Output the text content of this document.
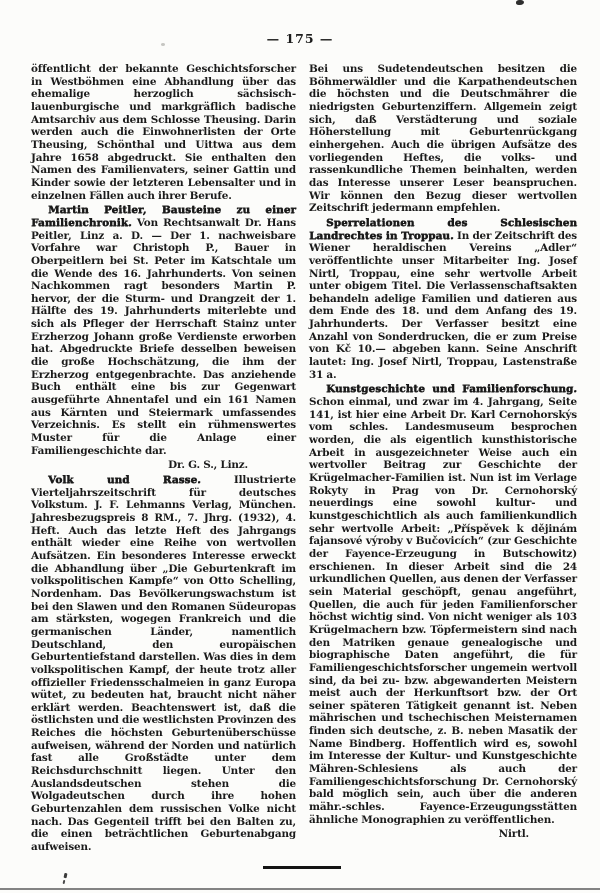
— 175 —

öffentlicht der bekannte Geschichtsforscher in Westböhmen eine Abhandlung über das ehemalige herzoglich sächsisch-lauenburgische und markgräflich badische Amtsarchiv aus dem Schlosse Theusing. Darin werden auch die Einwohnerlisten der Orte Theusing, Schönthal und Uittwa aus dem Jahre 1658 abgedruckt. Sie enthalten den Namen des Familienvaters, seiner Gattin und Kinder sowie der letzteren Lebensalter und in einzelnen Fällen auch ihrer Berufe.

Martin Peitler, Bausteine zu einer Familienchronik. Von Rechtsanwalt Dr. Hans Peitler, Linz a. D. — Der 1. nachweisbare Vorfahre war Christoph P., Bauer in Oberpeitlern bei St. Peter im Katschtale um die Wende des 16. Jahrhunderts. Von seinen Nachkommen ragt besonders Martin P. hervor, der die Sturm- und Drangzeit der 1. Hälfte des 19. Jahrhunderts miterlebte und sich als Pfleger der Herrschaft Stainz unter Erzherzog Johann große Verdienste erworben hat. Abgedruckte Briefe desselben beweisen die große Hochschätzung, die ihm der Erzherzog entgegenbrachte. Das anziehende Buch enthält eine bis zur Gegenwart ausgeführte Ahnentafel und ein 161 Namen aus Kärnten und Steiermark umfassendes Verzeichnis. Es stellt ein rühmenswertes Muster für die Anlage einer Familiengeschichte dar.

Dr. G. S., Linz.

Volk und Rasse.	Illustrierte Vierteljahrszeitschrift für deutsches Volkstum. J. F. Lehmanns Verlag, München. Jahresbezugspreis 8 RM., 7. Jhrg. (1932), 4. Heft. Auch das letzte Heft des Jahrgangs enthält wieder eine Reihe von wertvollen Aufsätzen. Ein besonderes Interesse erweckt die Abhandlung über „Die Geburtenkraft im volkspolitischen Kampfe“ von Otto Schelling, Nordenham. Das Bevölkerungswachstum ist bei den Slawen und den Romanen Südeuropas am stärksten, wogegen Frankreich und die germanischen Länder, namentlich Deutschland, den europäischen Geburtentiefstand darstellen. Was dies in dem volkspolitischen Kampf, der heute trotz aller offizieller Friedensschalmeien in ganz Europa wütet, zu bedeuten hat, braucht nicht näher erklärt werden. Beachtenswert ist, daß die östlichsten und die westlichsten Provinzen des Reiches die höchsten Geburtenüberschüsse aufweisen, während der Norden und natürlich fast alle Großstädte unter dem Reichsdurchschnitt liegen. Unter den Auslandsdeutschen stehen die Wolgadeutschen durch ihre hohen Geburtenzahlen dem russischen Volke nicht nach. Das Gegenteil trifft bei den Balten zu, die einen beträchtlichen Geburtenabgang aufweisen.

Bei uns Sudetendeutschen besitzen die Böhmerwäldler und die Karpathendeutschen die höchsten und die Deutschmährer die niedrigsten Geburtenziffern. Allgemein zeigt sich, daß Verstädterung und soziale Höherstellung mit Geburtenrückgang einhergehen. Auch die übrigen Aufsätze des vorliegenden Heftes, die volks- und rassenkundliche Themen beinhalten, werden das Interesse unserer Leser beanspruchen. Wir können den Bezug dieser wertvollen Zeitschrift jedermann empfehlen.

Sperrelationen des Schlesischen Landrechtes in Troppau. In der Zeitschrift des Wiener heraldischen Vereins „Adler“ veröffentlichte unser Mitarbeiter Ing. Josef Nirtl, Troppau, eine sehr wertvolle Arbeit unter obigem Titel. Die Verlassenschaftsakten behandeln adelige Familien und datieren aus dem Ende des 18. und dem Anfang des 19. Jahrhunderts. Der Verfasser besitzt eine Anzahl von Sonderdrucken, die er zum Preise von Kč 10.— abgeben kann. Seine Anschrift lautet: Ing. Josef Nirtl, Troppau, Lastenstraße 31 a.

Kunstgeschichte und Familienforschung. Schon einmal, und zwar im 4. Jahrgang, Seite 141, ist hier eine Arbeit Dr. Karl Cernohorskýs vom schles. Landesmuseum besprochen worden, die als eigentlich kunsthistorische Arbeit in ausgezeichneter Weise auch ein wertvoller Beitrag zur Geschichte der Krügelmacher-Familien ist. Nun ist im Verlage Rokyty in Prag von Dr. Cernohorský neuerdings eine sowohl kultur- und kunstgeschichtlich als auch familienkundlich sehr wertvolle Arbeit: „Příspěvek k dějinám fajansové výroby v Bučovicích“ (zur Geschichte der Fayence-Erzeugung in Butschowitz) erschienen. In dieser Arbeit sind die 24 urkundlichen Quellen, aus denen der Verfasser sein Material geschöpft, genau angeführt, Quellen, die auch für jeden Familienforscher höchst wichtig sind. Von nicht weniger als 103 Krügelmachern bzw. Töpfermeistern sind nach den Matriken genaue genealogische und biographische Daten angeführt, die für Familiengeschichtsforscher ungemein wertvoll sind, da bei zu- bzw. abgewanderten Meistern meist auch der Herkunftsort bzw. der Ort seiner späteren Tätigkeit genannt ist. Neben mährischen und tschechischen Meisternamen finden sich deutsche, z. B. neben Masatik der Name Bindberg. Hoffentlich wird es, sowohl im Interesse der Kultur- und Kunstgeschichte Mähren-Schlesiens als auch der Familiengeschichtsforschung Dr. Cernohorský bald möglich sein, auch über die anderen mähr.-schles. Fayence-Erzeugungsstätten ähnliche Monographien zu veröffentlichen.

Nirtl.
